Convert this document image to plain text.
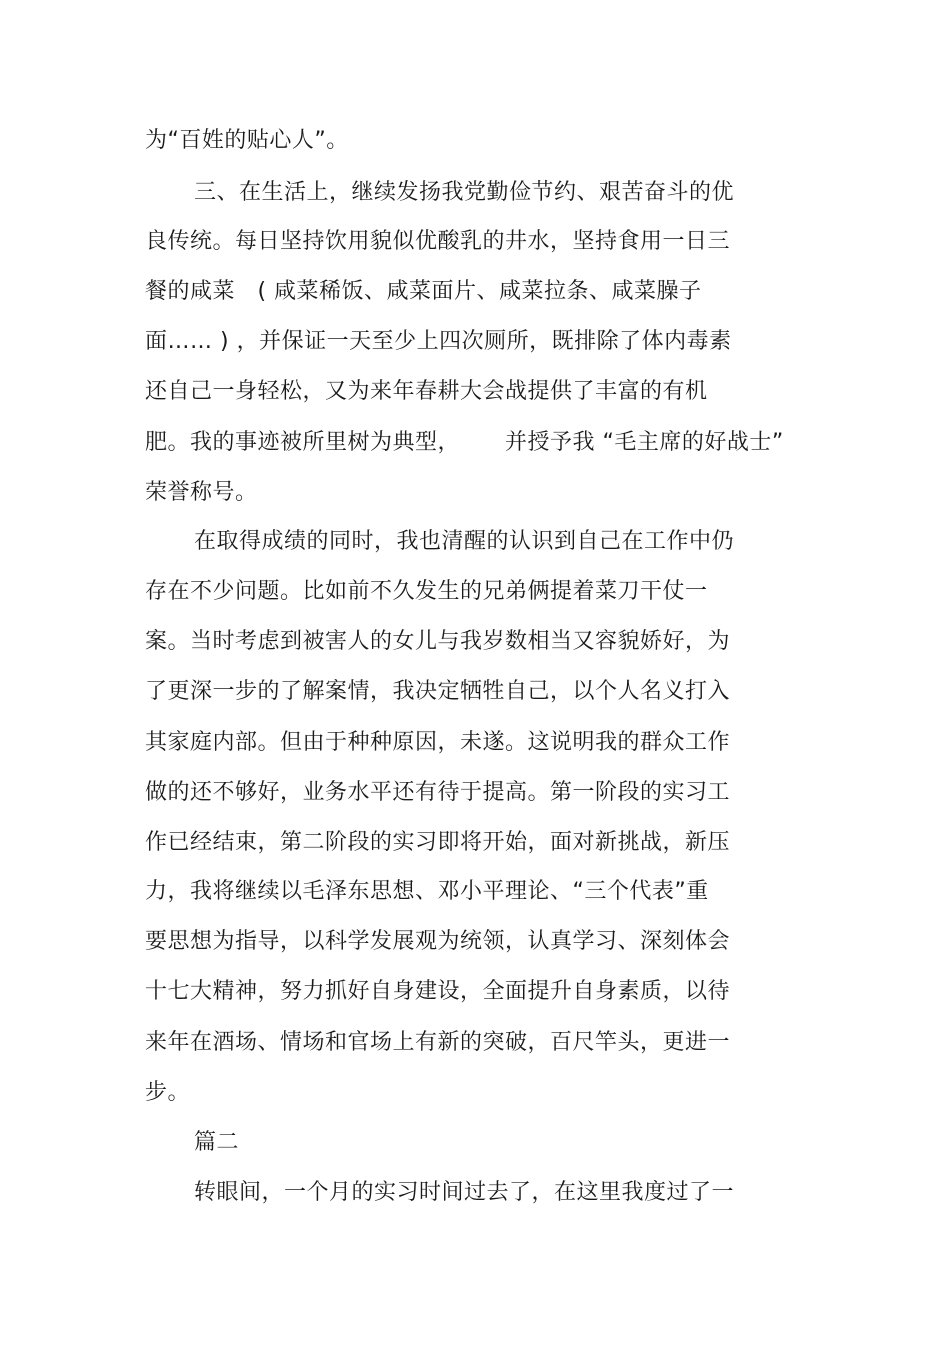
为“百姓的贴心人”。
三、在生活上，继续发扬我党勤俭节约、艰苦奋斗的优
良传统。每日坚持饮用貌似优酸乳的井水，坚持食用一日三
餐的咸菜   ( 咸菜稀饭、咸菜面片、咸菜拉条、咸菜臊子
面…… ) ，并保证一天至少上四次厕所，既排除了体内毒素
还自己一身轻松，又为来年春耕大会战提供了丰富的有机
肥。我的事迹被所里树为典型，      并授予我 “毛主席的好战士”
荣誉称号。
在取得成绩的同时，我也清醒的认识到自己在工作中仍
存在不少问题。比如前不久发生的兄弟俩提着菜刀干仗一
案。当时考虑到被害人的女儿与我岁数相当又容貌娇好，为
了更深一步的了解案情，我决定牺牲自己，以个人名义打入
其家庭内部。但由于种种原因，未遂。这说明我的群众工作
做的还不够好，业务水平还有待于提高。第一阶段的实习工
作已经结束，第二阶段的实习即将开始，面对新挑战，新压
力，我将继续以毛泽东思想、邓小平理论、“三个代表”重
要思想为指导，以科学发展观为统领，认真学习、深刻体会
十七大精神，努力抓好自身建设，全面提升自身素质，以待
来年在酒场、情场和官场上有新的突破，百尺竿头，更进一
步。
篇二
转眼间，一个月的实习时间过去了，在这里我度过了一
